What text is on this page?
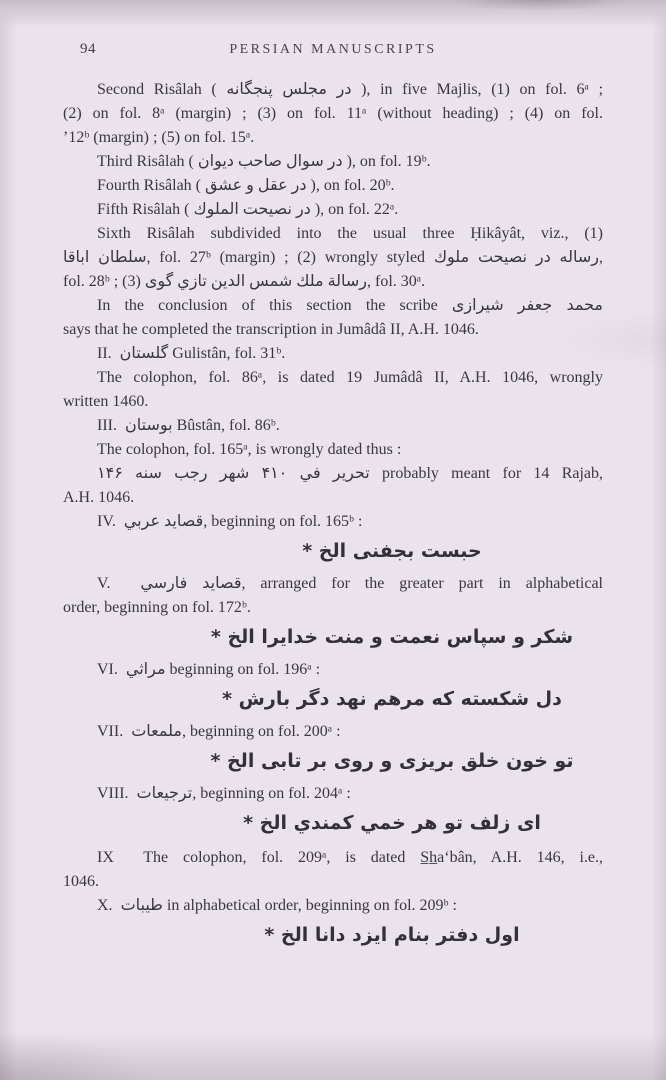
94	PERSIAN MANUSCRIPTS
Second Risâlah ( در مجلس پنجگانه ), in five Majlis, (1) on fol. 6ᵃ ;
(2) on fol. 8ᵃ (margin) ; (3) on fol. 11ᵃ (without heading) ; (4) on fol.
ʼ12ᵇ (margin) ; (5) on fol. 15ᵃ.
Third Risâlah ( در سوال صاحب ديوان ), on fol. 19ᵇ.
Fourth Risâlah ( در عقل و عشق ), on fol. 20ᵇ.
Fifth Risâlah ( در نصيحت الملوك ), on fol. 22ᵃ.
Sixth Risâlah subdivided into the usual three Ḥikâyât, viz., (1)
سلطان اباقا, fol. 27ᵇ (margin) ; (2) wrongly styled رساله در نصيحت ملوك,
fol. 28ᵇ ; (3) رسالة ملك شمس الدين تازي گوى, fol. 30ᵃ.
In the conclusion of this section the scribe محمد جعفر شيرازى
says that he completed the transcription in Jumâdâ II, A.H. 1046.
II.  گلستان Gulistân, fol. 31ᵇ.
The colophon, fol. 86ᵃ, is dated 19 Jumâdâ II, A.H. 1046, wrongly
written 1460.
III.  بوستان Bûstân, fol. 86ᵇ.
The colophon, fol. 165ᵃ, is wrongly dated thus :
تحرير في ۴۱۰ شهر رجب سنه ۱۴۶ probably meant for 14 Rajab,
A.H. 1046.
IV.  قصايد عربي, beginning on fol. 165ᵇ :
حبست بجفنى الخ *
V.  قصايد فارسي, arranged for the greater part in alphabetical
order, beginning on fol. 172ᵇ.
شكر و سپاس نعمت و منت خدايرا الخ *
VI.  مراثي beginning on fol. 196ᵃ :
دل شكسته كه مرهم نهد دگر بارش *
VII.  ملمعات, beginning on fol. 200ᵃ :
تو خون خلق بريزى و روى بر تابى الخ *
VIII.  ترجيعات, beginning on fol. 204ᵃ :
اى زلف تو هر خمي كمندي الخ *
IX  The colophon, fol. 209ᵃ, is dated S̲h̲aʻbân, A.H. 146, i.e.,
1046.
X.  طيبات in alphabetical order, beginning on fol. 209ᵇ :
اول دفتر بنام ايزد دانا الخ *
